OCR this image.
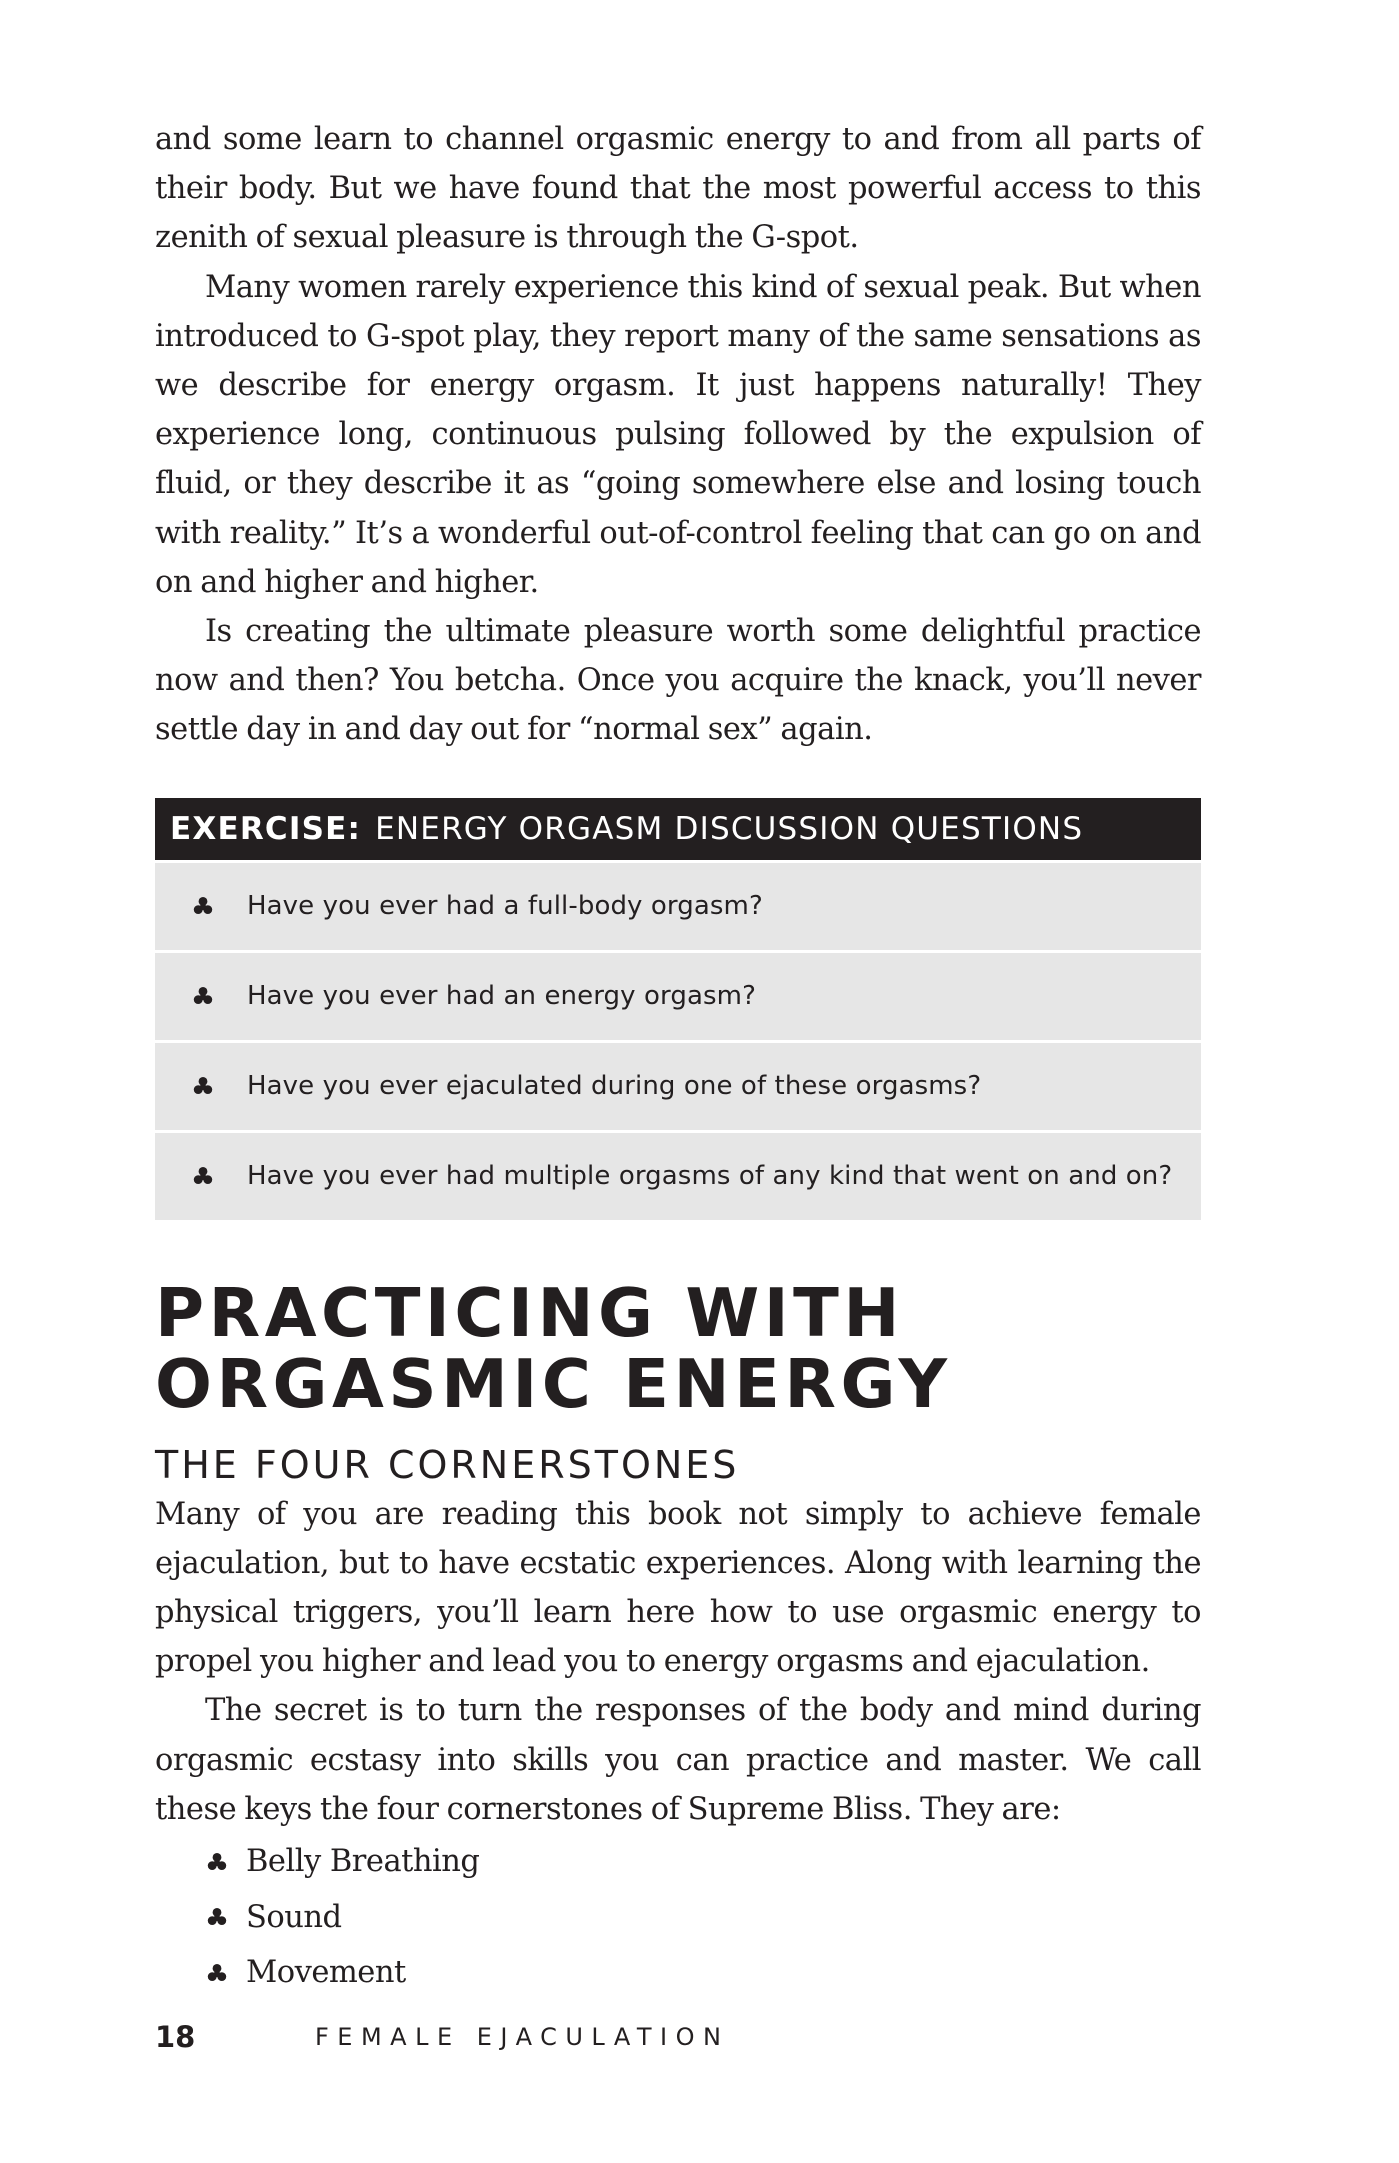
and some learn to channel orgasmic energy to and from all parts of their body. But we have found that the most powerful access to this zenith of sexual pleasure is through the G-spot.

Many women rarely experience this kind of sexual peak. But when introduced to G-spot play, they report many of the same sensations as we describe for energy orgasm. It just happens naturally! They experience long, continuous pulsing followed by the expulsion of fluid, or they describe it as “going somewhere else and losing touch with reality.” It’s a wonderful out-of-control feeling that can go on and on and higher and higher.

Is creating the ultimate pleasure worth some delightful practice now and then? You betcha. Once you acquire the knack, you’ll never settle day in and day out for “normal sex” again.

EXERCISE: ENERGY ORGASM DISCUSSION QUESTIONS
Have you ever had a full-body orgasm?
Have you ever had an energy orgasm?
Have you ever ejaculated during one of these orgasms?
Have you ever had multiple orgasms of any kind that went on and on?
PRACTICING WITH
ORGASMIC ENERGY
THE FOUR CORNERSTONES

Many of you are reading this book not simply to achieve female ejaculation, but to have ecstatic experiences. Along with learning the physical triggers, you’ll learn here how to use orgasmic energy to propel you higher and lead you to energy orgasms and ejaculation.

The secret is to turn the responses of the body and mind during orgasmic ecstasy into skills you can practice and master. We call these keys the four cornerstones of Supreme Bliss. They are:

Belly Breathing
Sound
Movement
18	FEMALE EJACULATION
